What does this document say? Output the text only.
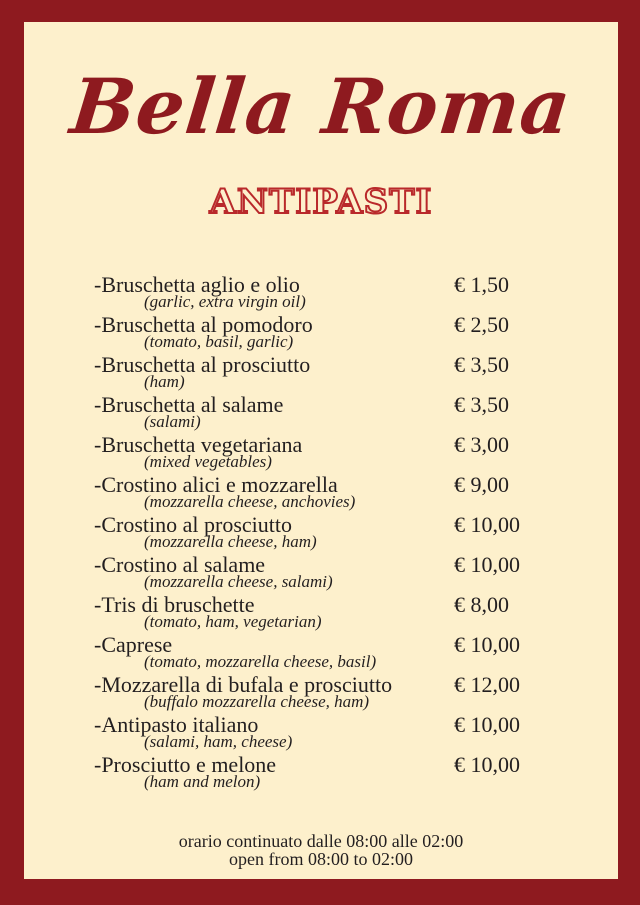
Bella Roma
ANTIPASTI
-Bruschetta aglio e olio
(garlic, extra virgin oil)
€ 1,50
-Bruschetta al pomodoro
(tomato, basil, garlic)
€ 2,50
-Bruschetta al prosciutto
(ham)
€ 3,50
-Bruschetta al salame
(salami)
€ 3,50
-Bruschetta vegetariana
(mixed vegetables)
€ 3,00
-Crostino alici e mozzarella
(mozzarella cheese, anchovies)
€ 9,00
-Crostino al prosciutto
(mozzarella cheese, ham)
€ 10,00
-Crostino al salame
(mozzarella cheese, salami)
€ 10,00
-Tris di bruschette
(tomato, ham, vegetarian)
€ 8,00
-Caprese
(tomato, mozzarella cheese, basil)
€ 10,00
-Mozzarella di bufala e prosciutto
(buffalo mozzarella cheese, ham)
€ 12,00
-Antipasto italiano
(salami, ham, cheese)
€ 10,00
-Prosciutto e melone
(ham and melon)
€ 10,00
orario continuato dalle 08:00 alle 02:00
open from 08:00 to 02:00
